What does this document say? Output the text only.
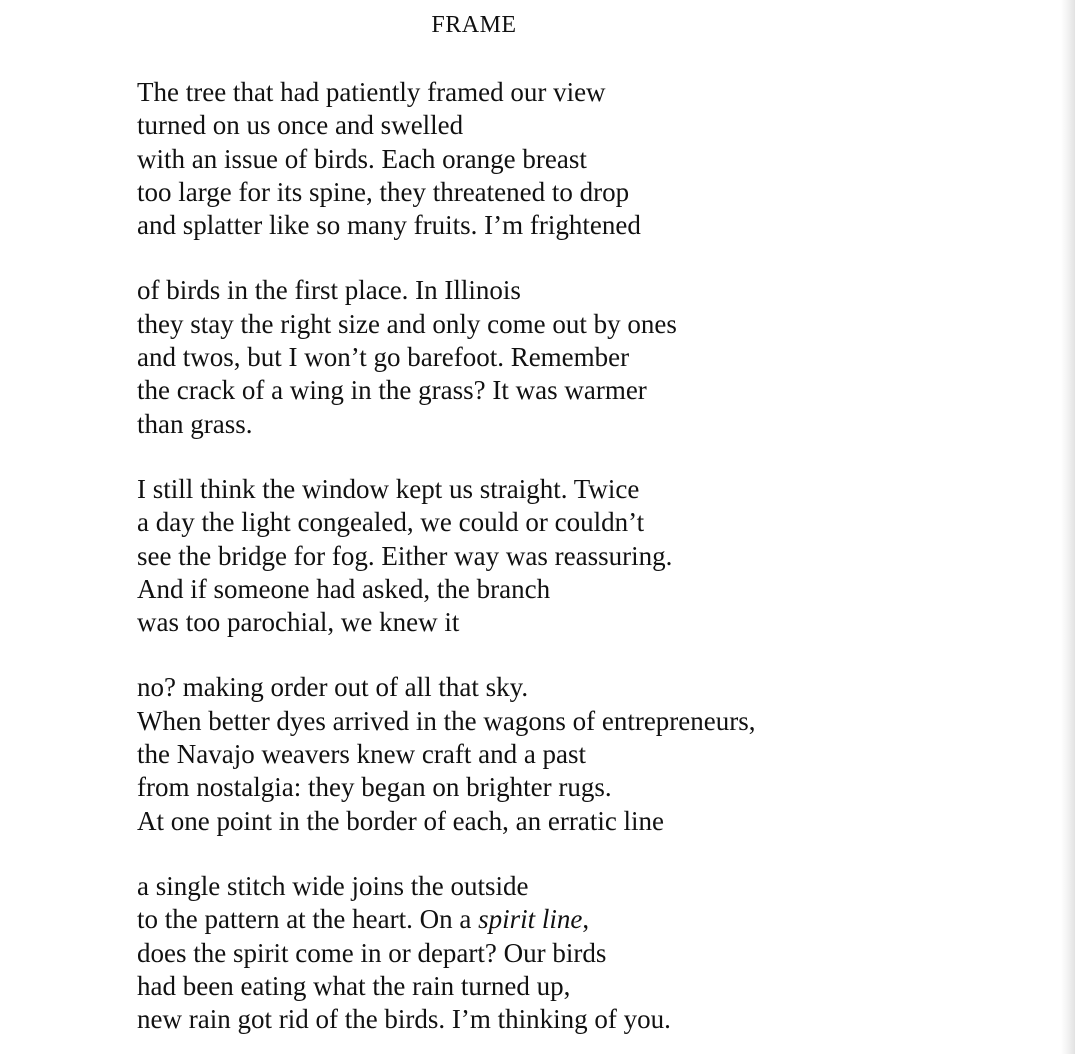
FRAME
The tree that had patiently framed our view
turned on us once and swelled
with an issue of birds. Each orange breast
too large for its spine, they threatened to drop
and splatter like so many fruits. I’m frightened
of birds in the first place. In Illinois
they stay the right size and only come out by ones
and twos, but I won’t go barefoot. Remember
the crack of a wing in the grass? It was warmer
than grass.
I still think the window kept us straight. Twice
a day the light congealed, we could or couldn’t
see the bridge for fog. Either way was reassuring.
And if someone had asked, the branch
was too parochial, we knew it
no? making order out of all that sky.
When better dyes arrived in the wagons of entrepreneurs,
the Navajo weavers knew craft and a past
from nostalgia: they began on brighter rugs.
At one point in the border of each, an erratic line
a single stitch wide joins the outside
to the pattern at the heart. On a spirit line,
does the spirit come in or depart? Our birds
had been eating what the rain turned up,
new rain got rid of the birds. I’m thinking of you.
